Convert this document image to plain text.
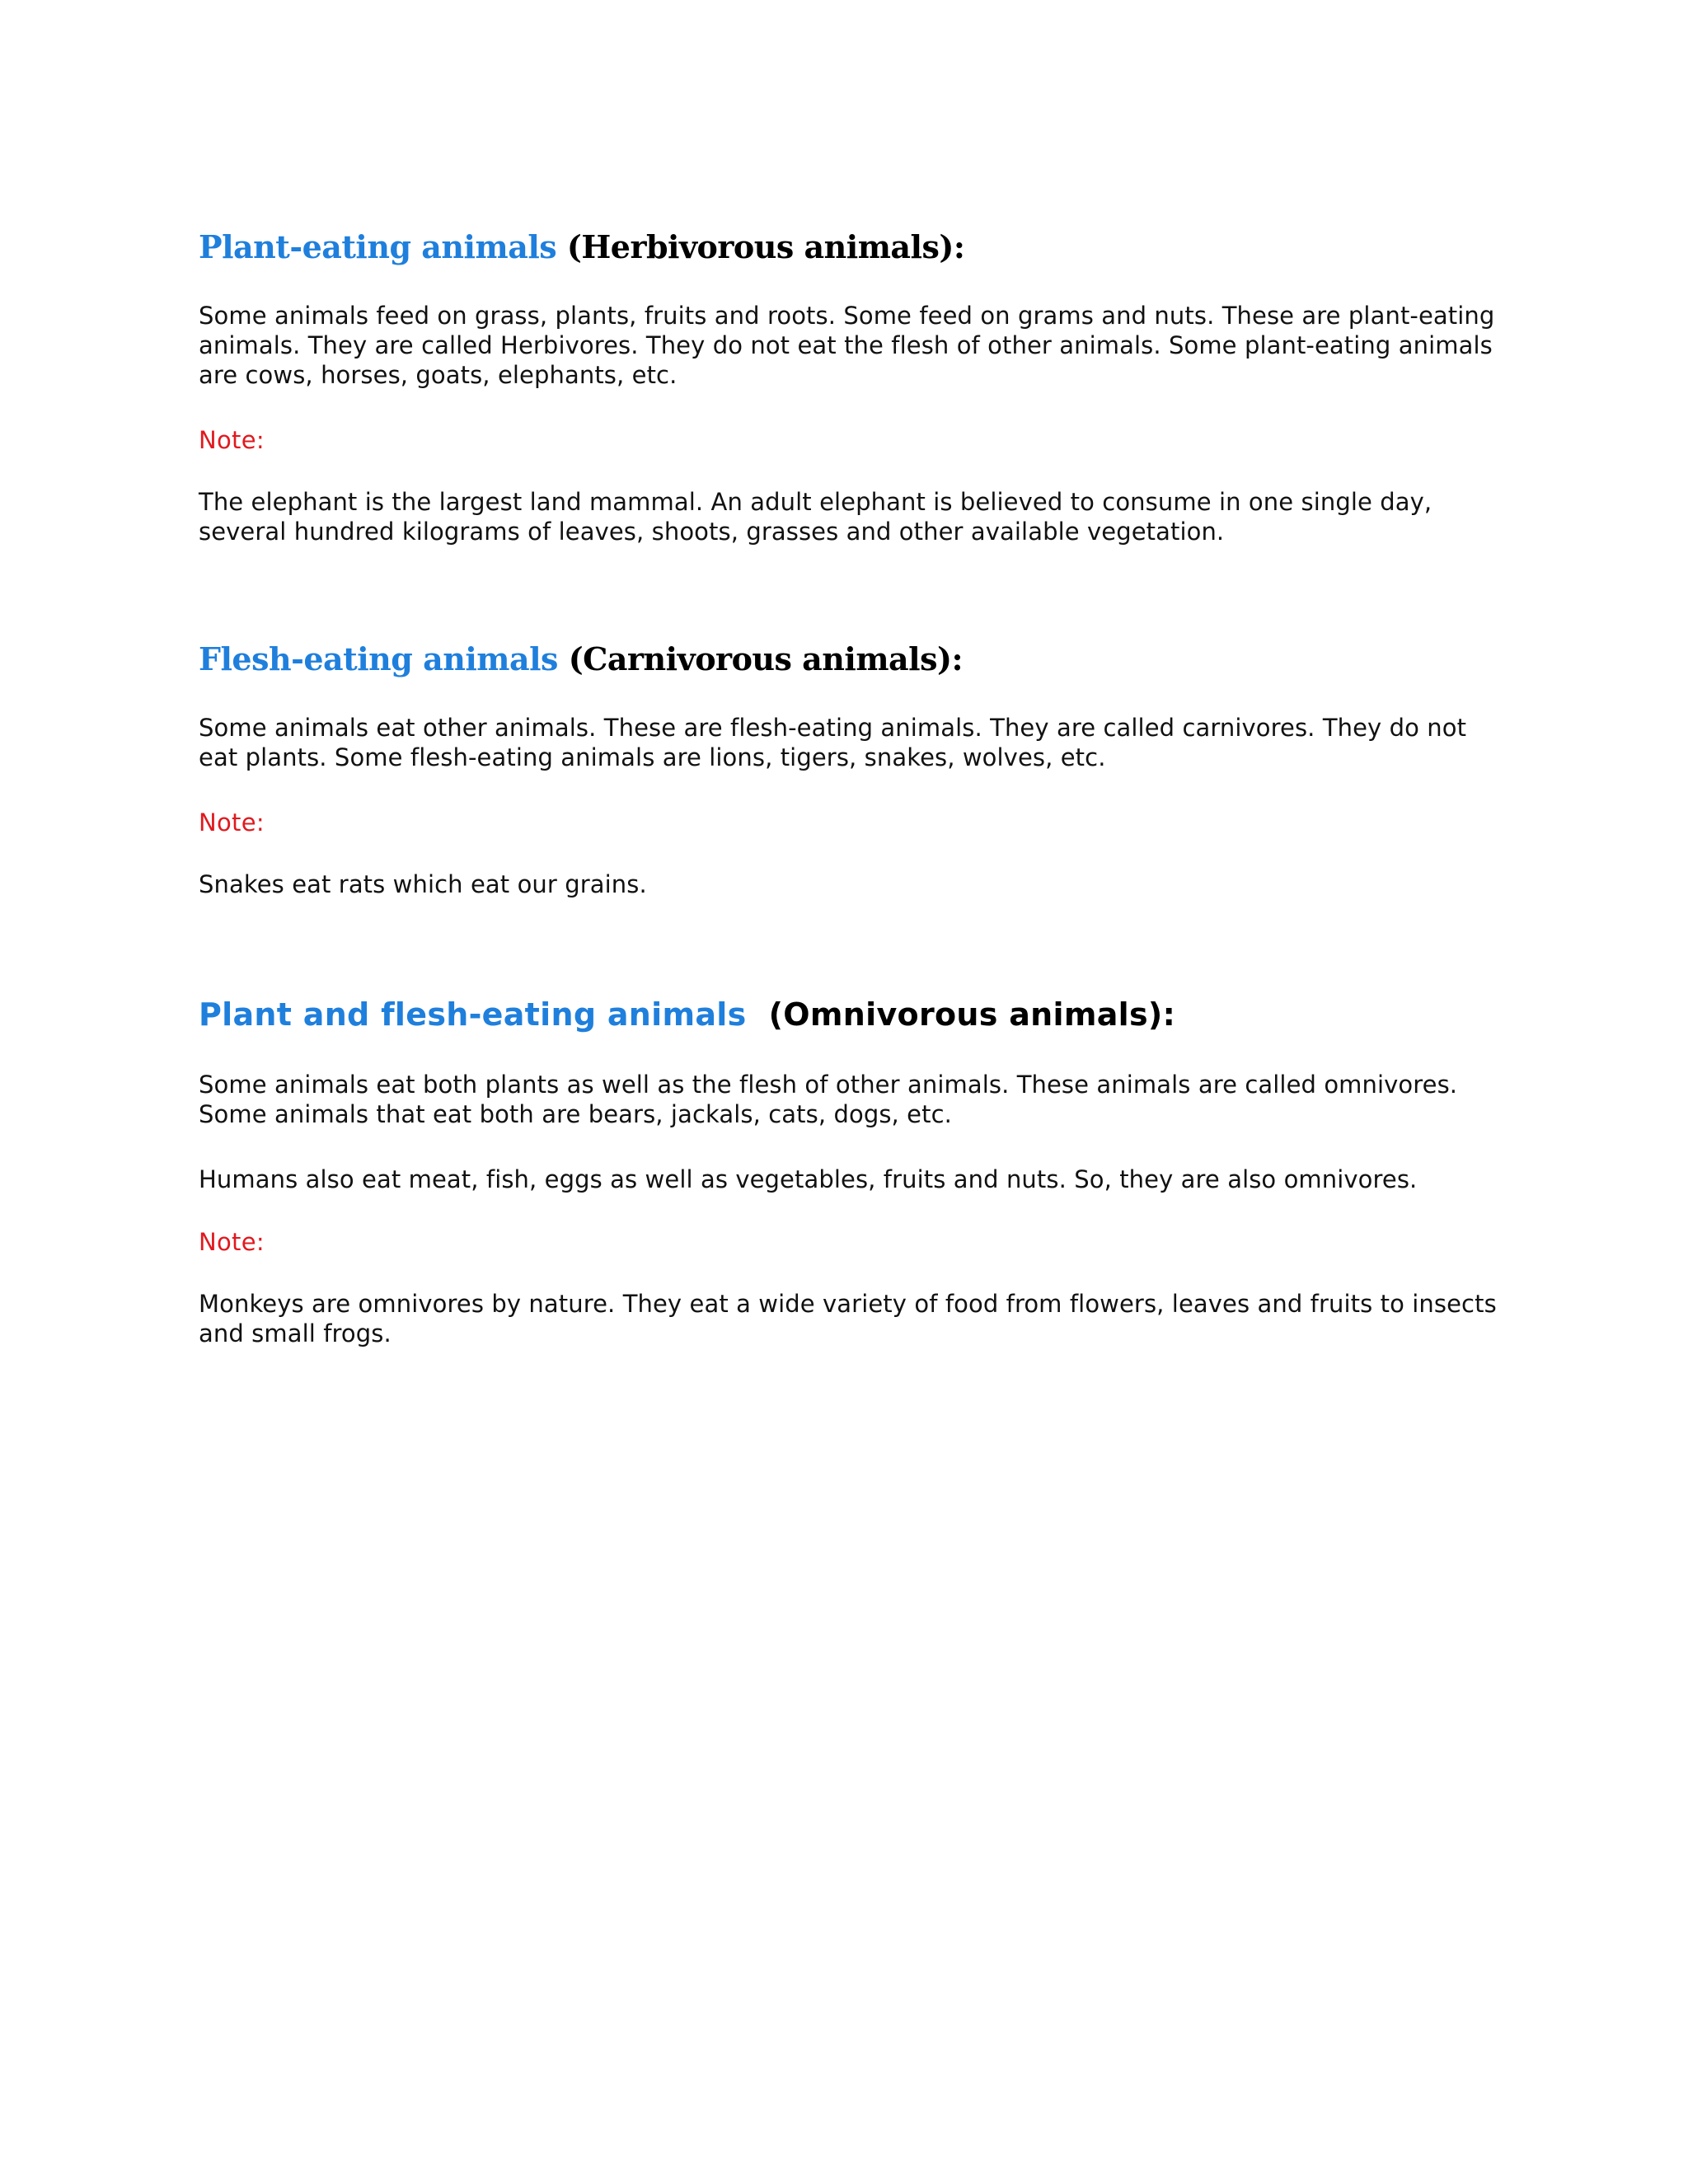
Plant-eating animals (Herbivorous animals):

Some animals feed on grass, plants, fruits and roots. Some feed on grams and nuts. These are plant-eating animals. They are called Herbivores. They do not eat the flesh of other animals. Some plant-eating animals are cows, horses, goats, elephants, etc.

Note:

The elephant is the largest land mammal. An adult elephant is believed to consume in one single day, several hundred kilograms of leaves, shoots, grasses and other available vegetation.

Flesh-eating animals (Carnivorous animals):

Some animals eat other animals. These are flesh-eating animals. They are called carnivores. They do not eat plants. Some flesh-eating animals are lions, tigers, snakes, wolves, etc.

Note:

Snakes eat rats which eat our grains.

Plant and flesh-eating animals (Omnivorous animals):

Some animals eat both plants as well as the flesh of other animals. These animals are called omnivores. Some animals that eat both are bears, jackals, cats, dogs, etc.

Humans also eat meat, fish, eggs as well as vegetables, fruits and nuts. So, they are also omnivores.

Note:

Monkeys are omnivores by nature. They eat a wide variety of food from flowers, leaves and fruits to insects and small frogs.
